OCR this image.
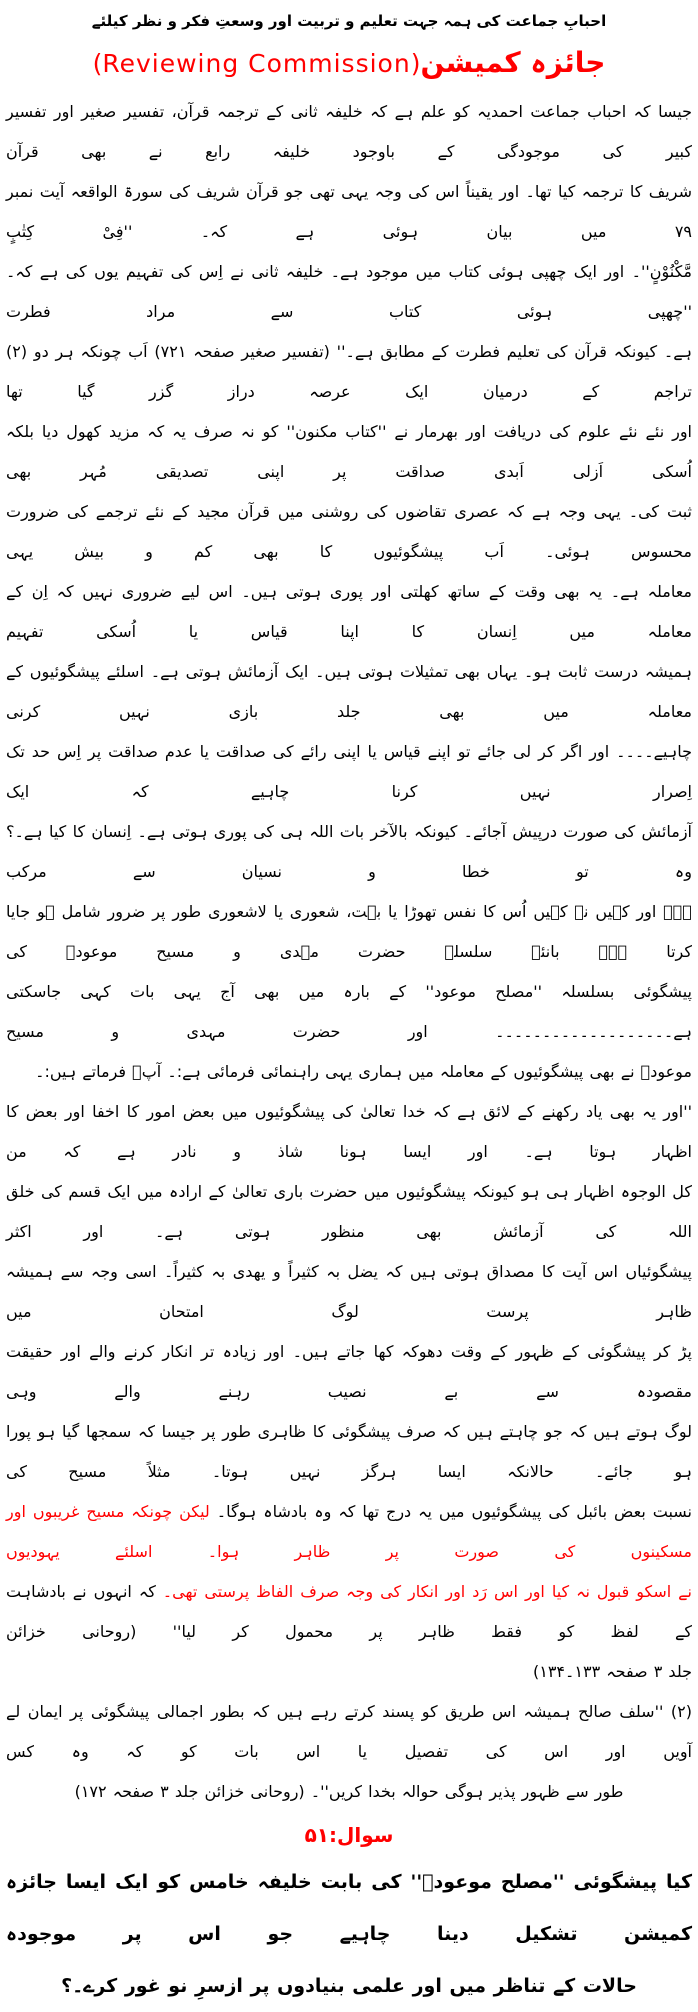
احبابِ جماعت کی ہمہ جہت تعلیم و تربیت اور وسعتِ فکر و نظر کیلئے
جائزہ کمیشن(Reviewing Commission)
جیسا کہ احباب جماعت احمدیہ کو علم ہے کہ خلیفہ ثانی کے ترجمہ قرآن، تفسیر صغیر اور تفسیر کبیر کی موجودگی کے باوجود خلیفہ رابع نے بھی قرآن
شریف کا ترجمہ کیا تھا۔ اور یقیناً اس کی وجہ یہی تھی جو قرآن شریف کی سورۃ الواقعہ آیت نمبر ۷۹ میں بیان ہوئی ہے کہ۔ ''فِیْ کِتٰبٍ
مَّکْنُوْنٍ''۔ اور ایک چھپی ہوئی کتاب میں موجود ہے۔ خلیفہ ثانی نے اِس کی تفہیم یوں کی ہے کہ۔ ''چھپی ہوئی کتاب سے مراد فطرت
ہے۔ کیونکہ قرآن کی تعلیم فطرت کے مطابق ہے۔'' (تفسیر صغیر صفحہ ۷۲۱) اَب چونکہ ہر دو (۲) تراجم کے درمیان ایک عرصہ دراز گزر گیا تھا
اور نئے نئے علوم کی دریافت اور بھرمار نے ''کتاب مکنون'' کو نہ صرف یہ کہ مزید کھول دیا بلکہ اُسکی اَزلی اَبدی صداقت پر اپنی تصدیقی مُہر بھی
ثبت کی۔ یہی وجہ ہے کہ عصری تقاضوں کی روشنی میں قرآن مجید کے نئے ترجمے کی ضرورت محسوس ہوئی۔ اَب پیشگوئیوں کا بھی کم و بیش یہی
معاملہ ہے۔ یہ بھی وقت کے ساتھ کھلتی اور پوری ہوتی ہیں۔ اس لیے ضروری نہیں کہ اِن کے معاملہ میں اِنسان کا اپنا قیاس یا اُسکی تفہیم
ہمیشہ درست ثابت ہو۔ یہاں بھی تمثیلات ہوتی ہیں۔ ایک آزمائش ہوتی ہے۔ اسلئے پیشگوئیوں کے معاملہ میں بھی جلد بازی نہیں کرنی
چاہیے۔۔۔۔ اور اگر کر لی جائے تو اپنے قیاس یا اپنی رائے کی صداقت یا عدم صداقت پر اِس حد تک اِصرار نہیں کرنا چاہیے کہ ایک
آزمائش کی صورت درپیش آجائے۔ کیونکہ بالآخر بات اللہ ہی کی پوری ہوتی ہے۔ اِنسان کا کیا ہے۔؟ وہ تو خطا و نسیان سے مرکب
ہے۔ اور کہیں نہ کہیں اُس کا نفس تھوڑا یا بہت، شعوری یا لاشعوری طور پر ضرور شامل ہو جایا کرتا ہے۔ بانئے سلسلہ حضرت مہدی و مسیح موعودؑ کی
پیشگوئی بسلسلہ ''مصلح موعود'' کے بارہ میں بھی آج یہی بات کہی جاسکتی ہے۔۔۔۔۔۔۔۔۔۔۔۔۔۔۔۔۔۔۔ اور حضرت مہدی و مسیح
موعودؑ نے بھی پیشگوئیوں کے معاملہ میں ہماری یہی راہنمائی فرمائی ہے:۔ آپؑ فرماتے ہیں:۔
''اور یہ بھی یاد رکھنے کے لائق ہے کہ خدا تعالیٰ کی پیشگوئیوں میں بعض امور کا اخفا اور بعض کا اظہار ہوتا ہے۔ اور ایسا ہونا شاذ و نادر ہے کہ من
کل الوجوہ اظہار ہی ہو کیونکہ پیشگوئیوں میں حضرت باری تعالیٰ کے ارادہ میں ایک قسم کی خلق اللہ کی آزمائش بھی منظور ہوتی ہے۔ اور اکثر
پیشگوئیاں اس آیت کا مصداق ہوتی ہیں کہ یضل بہ کثیراً و یھدی بہ کثیراً۔ اسی وجہ سے ہمیشہ ظاہر پرست لوگ امتحان میں
پڑ کر پیشگوئی کے ظہور کے وقت دھوکہ کھا جاتے ہیں۔ اور زیادہ تر انکار کرنے والے اور حقیقت مقصودہ سے بے نصیب رہنے والے وہی
لوگ ہوتے ہیں کہ جو چاہتے ہیں کہ صرف پیشگوئی کا ظاہری طور پر جیسا کہ سمجھا گیا ہو پورا ہو جائے۔ حالانکہ ایسا ہرگز نہیں ہوتا۔ مثلاً مسیح کی
نسبت بعض بائبل کی پیشگوئیوں میں یہ درج تھا کہ وہ بادشاہ ہوگا۔ لیکن چونکہ مسیح غریبوں اور مسکینوں کی صورت پر ظاہر ہوا۔ اسلئے یہودیوں
نے اسکو قبول نہ کیا اور اس رَد اور انکار کی وجہ صرف الفاظ پرستی تھی۔ کہ انہوں نے بادشاہت کے لفظ کو فقط ظاہر پر محمول کر لیا'' (روحانی خزائن
جلد ۳ صفحہ ۱۳۳۔۱۳۴)
(۲) ''سلف صالح ہمیشہ اس طریق کو پسند کرتے رہے ہیں کہ بطور اجمالی پیشگوئی پر ایمان لے آویں اور اس کی تفصیل یا اس بات کو کہ وہ کس
طور سے ظہور پذیر ہوگی حوالہ بخدا کریں''۔ (روحانی خزائن جلد ۳ صفحہ ۱۷۲)
سوال:۵۱
کیا پیشگوئی ''مصلح موعودؑ'' کی بابت خلیفہ خامس کو ایک ایسا جائزہ کمیشن تشکیل دینا چاہیے جو اس پر موجودہ
حالات کے تناظر میں اور علمی بنیادوں پر ازسرِ نو غور کرے۔؟
